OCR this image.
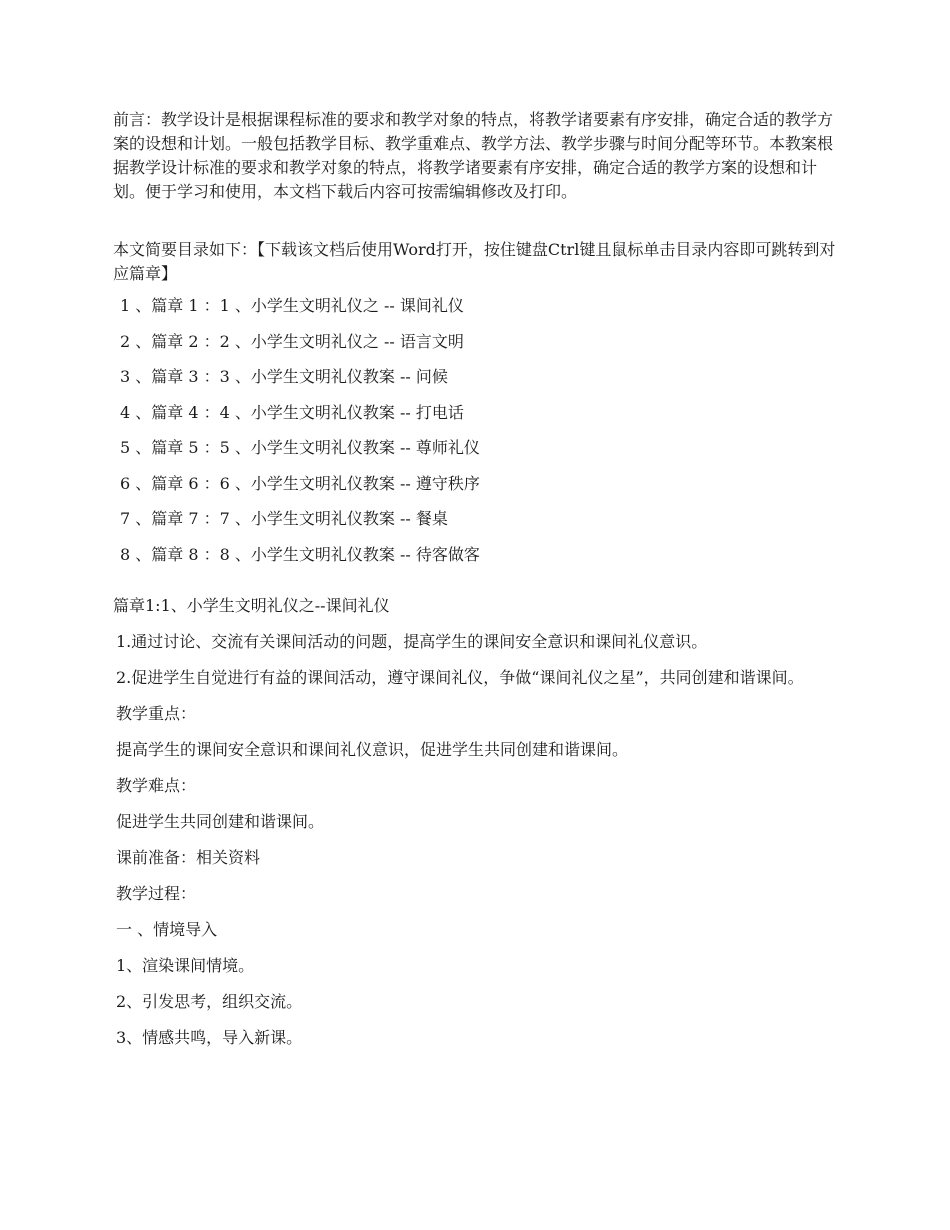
前言：教学设计是根据课程标准的要求和教学对象的特点，将教学诸要素有序安排，确定合适的教学方案的设想和计划。一般包括教学目标、教学重难点、教学方法、教学步骤与时间分配等环节。本教案根据教学设计标准的要求和教学对象的特点，将教学诸要素有序安排，确定合适的教学方案的设想和计划。便于学习和使用，本文档下载后内容可按需编辑修改及打印。

本文简要目录如下：【下载该文档后使用Word打开，按住键盘Ctrl键且鼠标单击目录内容即可跳转到对应篇章】

1 、篇章 1 ：1 、小学生文明礼仪之 -- 课间礼仪
2 、篇章 2 ：2 、小学生文明礼仪之 -- 语言文明
3 、篇章 3 ：3 、小学生文明礼仪教案 -- 问候
4 、篇章 4 ：4 、小学生文明礼仪教案 -- 打电话
5 、篇章 5 ：5 、小学生文明礼仪教案 -- 尊师礼仪
6 、篇章 6 ：6 、小学生文明礼仪教案 -- 遵守秩序
7 、篇章 7 ：7 、小学生文明礼仪教案 -- 餐桌
8 、篇章 8 ：8 、小学生文明礼仪教案 -- 待客做客

篇章1:1、小学生文明礼仪之--课间礼仪

1.通过讨论、交流有关课间活动的问题，提高学生的课间安全意识和课间礼仪意识。

2.促进学生自觉进行有益的课间活动，遵守课间礼仪，争做“课间礼仪之星”，共同创建和谐课间。

教学重点：

提高学生的课间安全意识和课间礼仪意识，促进学生共同创建和谐课间。

教学难点：

促进学生共同创建和谐课间。

课前准备：相关资料

教学过程：

一 、情境导入

1、渲染课间情境。

2、引发思考，组织交流。

3、情感共鸣，导入新课。
